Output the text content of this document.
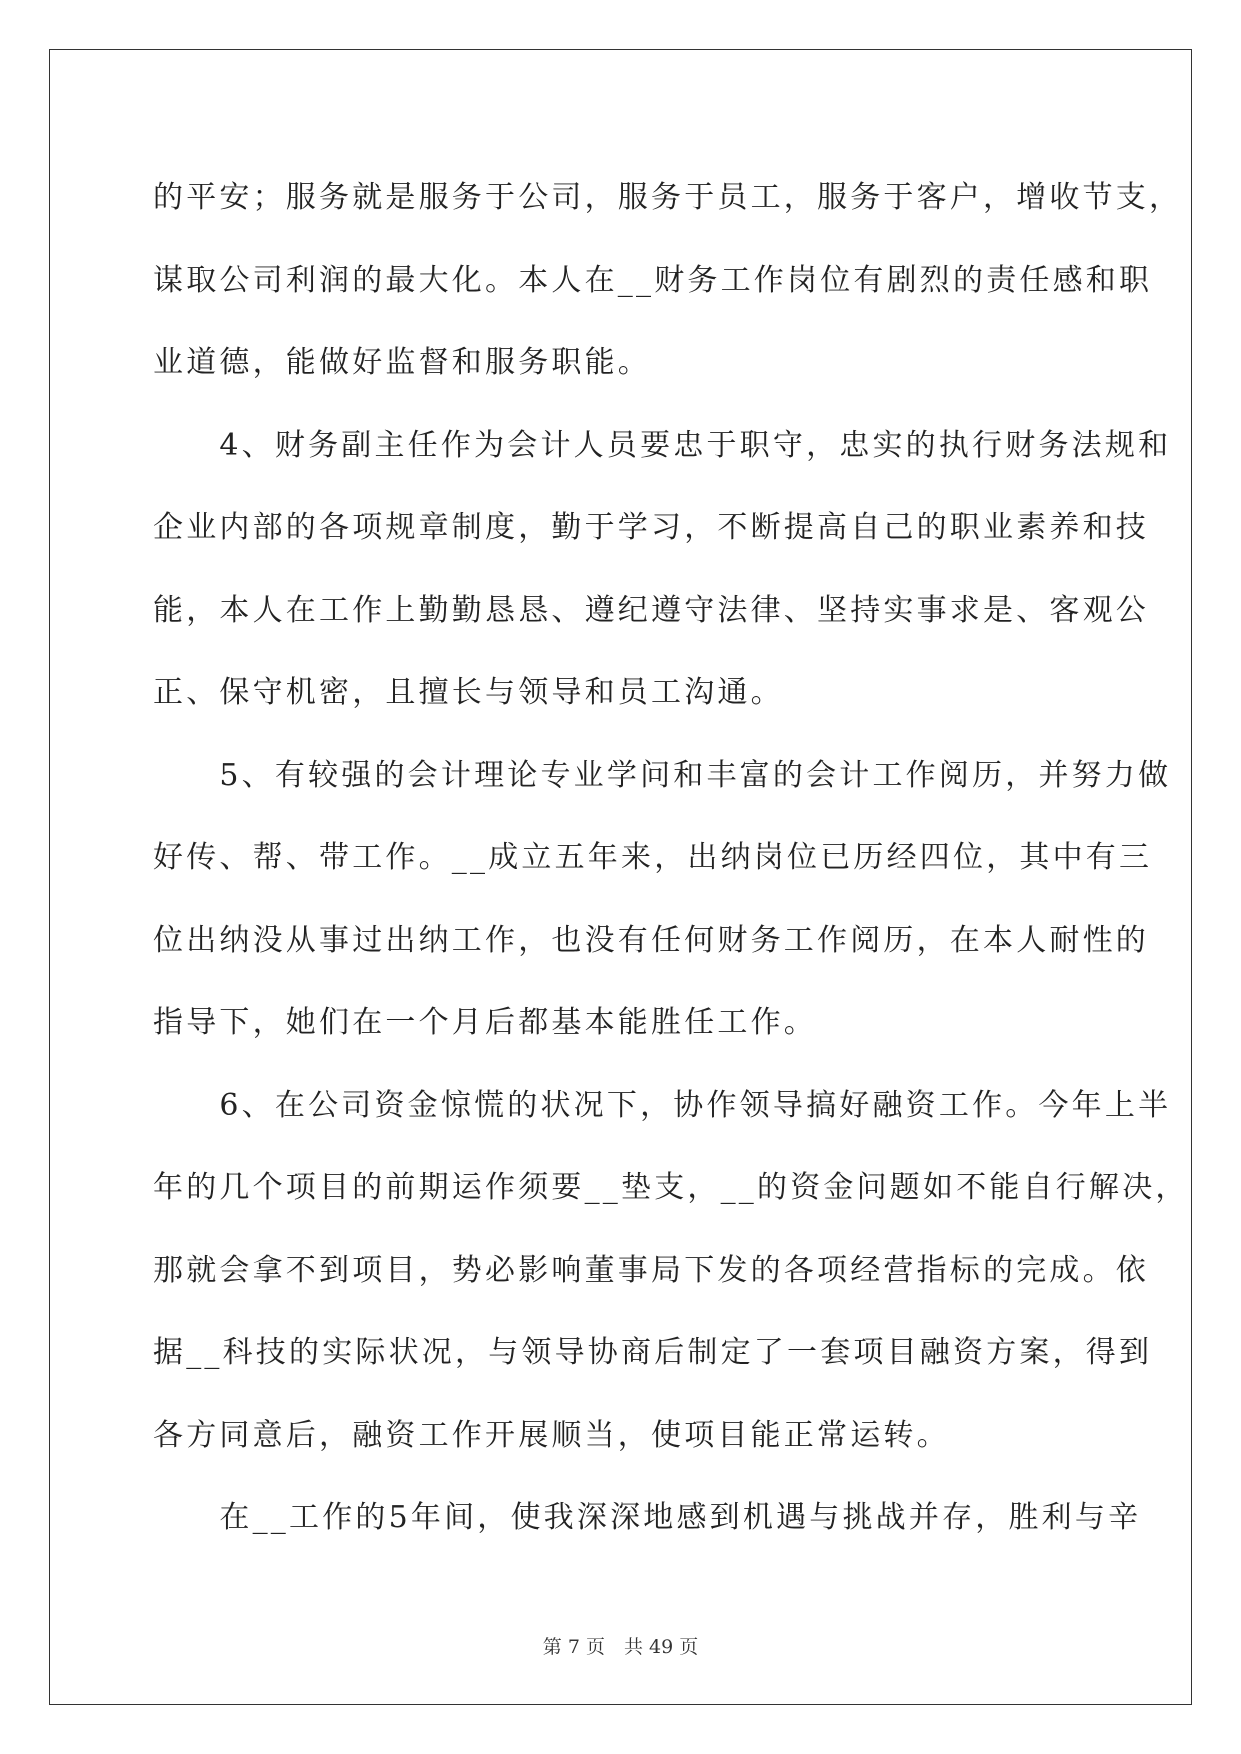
的平安；服务就是服务于公司，服务于员工，服务于客户，增收节支，
谋取公司利润的最大化。本人在__财务工作岗位有剧烈的责任感和职
业道德，能做好监督和服务职能。
　　4、财务副主任作为会计人员要忠于职守，忠实的执行财务法规和
企业内部的各项规章制度，勤于学习，不断提高自己的职业素养和技
能，本人在工作上勤勤恳恳、遵纪遵守法律、坚持实事求是、客观公
正、保守机密，且擅长与领导和员工沟通。
　　5、有较强的会计理论专业学问和丰富的会计工作阅历，并努力做
好传、帮、带工作。__成立五年来，出纳岗位已历经四位，其中有三
位出纳没从事过出纳工作，也没有任何财务工作阅历，在本人耐性的
指导下，她们在一个月后都基本能胜任工作。
　　6、在公司资金惊慌的状况下，协作领导搞好融资工作。今年上半
年的几个项目的前期运作须要__垫支，__的资金问题如不能自行解决，
那就会拿不到项目，势必影响董事局下发的各项经营指标的完成。依
据__科技的实际状况，与领导协商后制定了一套项目融资方案，得到
各方同意后，融资工作开展顺当，使项目能正常运转。
　　在__工作的5年间，使我深深地感到机遇与挑战并存，胜利与辛
第 7 页　共 49 页
